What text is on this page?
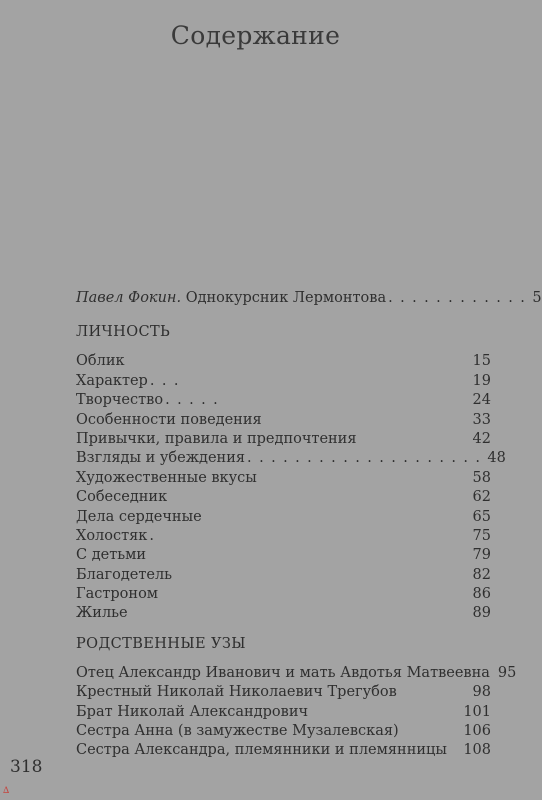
Содержание
Павел Фокин. Однокурсник Лермонтова . . . . . . . . . . . . 5
ЛИЧНОСТЬ
Облик	15
Характер . . .	19
Творчество . . . . .	24
Особенности поведения	33
Привычки, правила и предпочтения	42
Взгляды и убеждения . . . . . . . . . . . . . . . . . . . . 48
Художественные вкусы	58
Собеседник	62
Дела сердечные	65
Холостяк .	75
С детьми	79
Благодетель	82
Гастроном	86
Жилье	89
РОДСТВЕННЫЕ УЗЫ
Отец Александр Иванович и мать Авдотья Матвеевна 95
Крестный Николай Николаевич Трегубов	98
Брат Николай Александрович	101
Сестра Анна (в замужестве Музалевская)	106
Сестра Александра, племянники и племянницы	108
318
∆
